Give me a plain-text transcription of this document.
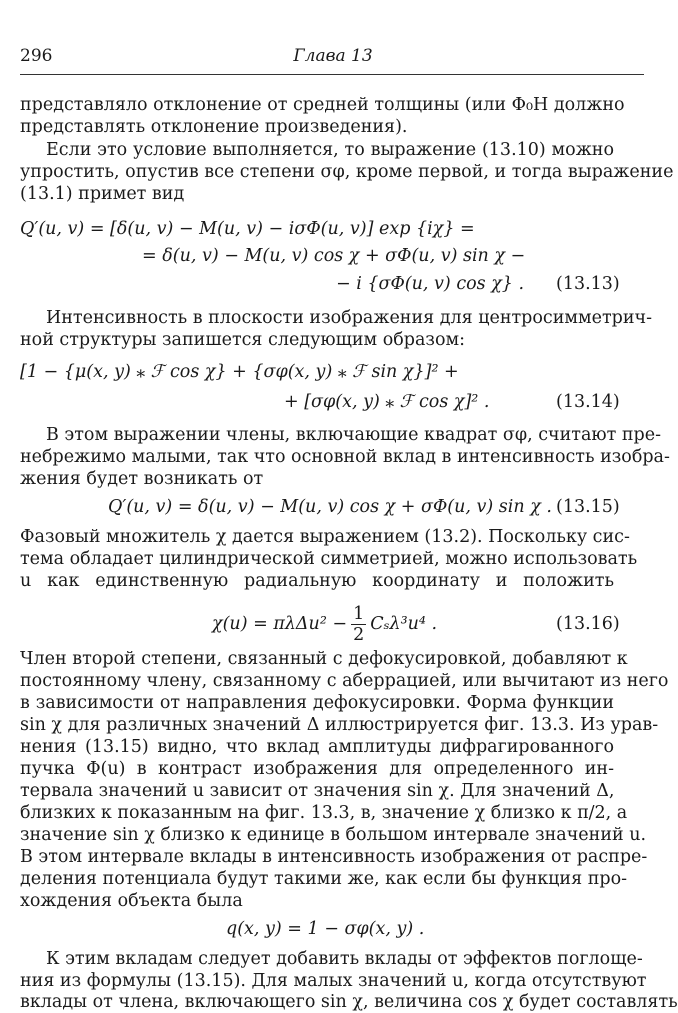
296	Глава 13
представляло отклонение от средней толщины (или Φ₀H должно
представлять отклонение произведения).
Если это условие выполняется, то выражение (13.10) можно
упростить, опустив все степени σφ, кроме первой, и тогда выражение
(13.1) примет вид
Q′(u, v) = [δ(u, v) − M(u, v) − iσΦ(u, v)] exp {iχ} =
= δ(u, v) − M(u, v) cos χ + σΦ(u, v) sin χ −
− i {σΦ(u, v) cos χ} . (13.13)
Интенсивность в плоскости изображения для центросимметрич-
ной структуры запишется следующим образом:
[1 − {μ(x, y) ⁎ ℱ cos χ} + {σφ(x, y) ⁎ ℱ sin χ}]² +
+ [σφ(x, y) ⁎ ℱ cos χ]² .	(13.14)
В этом выражении члены, включающие квадрат σφ, считают пре-
небрежимо малыми, так что основной вклад в интенсивность изобра-
жения будет возникать от
Q′(u, v) = δ(u, v) − M(u, v) cos χ + σΦ(u, v) sin χ . (13.15)
Фазовый множитель χ дается выражением (13.2). Поскольку сис-
тема обладает цилиндрической симметрией, можно использовать
u как единственную радиальную координату и положить
$\chi(u) = \pi\lambda\Delta u^2 - \frac{1}{2} C_s\lambda^3u^4$ .	(13.16)
Член второй степени, связанный с дефокусировкой, добавляют к
постоянному члену, связанному с аберрацией, или вычитают из него
в зависимости от направления дефокусировки. Форма функции
sin χ для различных значений Δ иллюстрируется фиг. 13.3. Из урав-
нения (13.15) видно, что вклад амплитуды дифрагированного
пучка Φ(u) в контраст изображения для определенного ин-
тервала значений u зависит от значения sin χ. Для значений Δ,
близких к показанным на фиг. 13.3, в, значение χ близко к π/2, а
значение sin χ близко к единице в большом интервале значений u.
В этом интервале вклады в интенсивность изображения от распре-
деления потенциала будут такими же, как если бы функция про-
хождения объекта была
q(x, y) = 1 − σφ(x, y) .
К этим вкладам следует добавить вклады от эффектов поглоще-
ния из формулы (13.15). Для малых значений u, когда отсутствуют
вклады от члена, включающего sin χ, величина cos χ будет составлять
